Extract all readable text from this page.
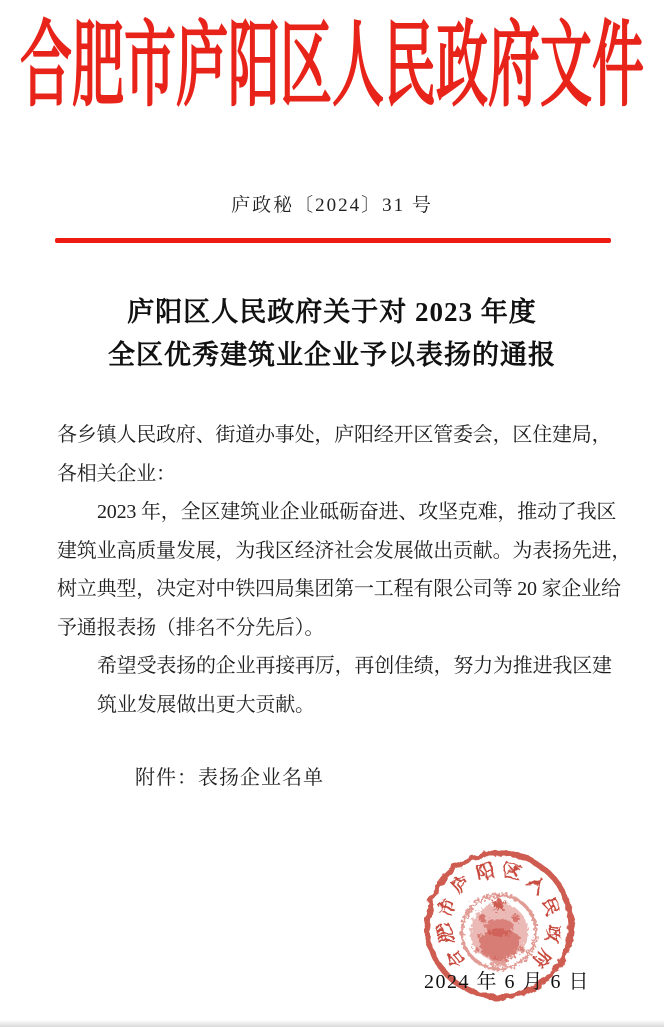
合肥市庐阳区人民政府文件
庐政秘〔2024〕31 号
庐阳区人民政府关于对 2023 年度
全区优秀建筑业企业予以表扬的通报
各乡镇人民政府、街道办事处，庐阳经开区管委会，区住建局，
各相关企业：
2023 年，全区建筑业企业砥砺奋进、攻坚克难，推动了我区
建筑业高质量发展，为我区经济社会发展做出贡献。为表扬先进，
树立典型，决定对中铁四局集团第一工程有限公司等 20 家企业给
予通报表扬（排名不分先后）。
希望受表扬的企业再接再厉，再创佳绩，努力为推进我区建
筑业发展做出更大贡献。
附件：表扬企业名单
合
肥
市
庐 阳 区 人
民
政
府
2024 年 6 月 6 日
